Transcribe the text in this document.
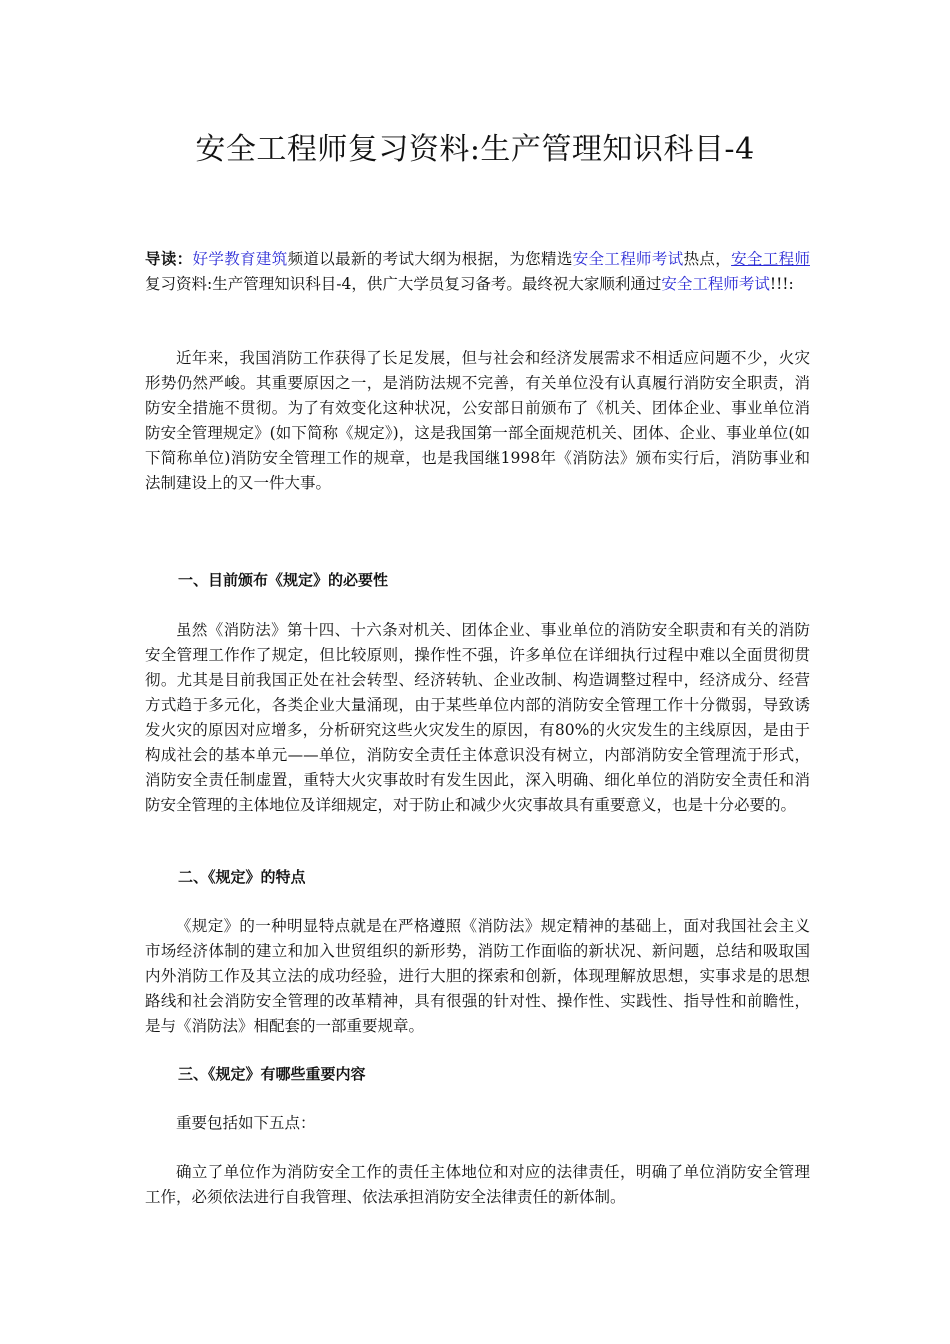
安全工程师复习资料:生产管理知识科目-4

导读：好学教育建筑频道以最新的考试大纲为根据，为您精选安全工程师考试热点，安全工程师复习资料:生产管理知识科目-4，供广大学员复习备考。最终祝大家顺利通过安全工程师考试!!!:

近年来，我国消防工作获得了长足发展，但与社会和经济发展需求不相适应问题不少，火灾形势仍然严峻。其重要原因之一，是消防法规不完善，有关单位没有认真履行消防安全职责，消防安全措施不贯彻。为了有效变化这种状况，公安部日前颁布了《机关、团体企业、事业单位消防安全管理规定》(如下简称《规定》)，这是我国第一部全面规范机关、团体、企业、事业单位(如下简称单位)消防安全管理工作的规章，也是我国继1998年《消防法》颁布实行后，消防事业和法制建设上的又一件大事。

一、目前颁布《规定》的必要性

虽然《消防法》第十四、十六条对机关、团体企业、事业单位的消防安全职责和有关的消防安全管理工作作了规定，但比较原则，操作性不强，许多单位在详细执行过程中难以全面贯彻贯彻。尤其是目前我国正处在社会转型、经济转轨、企业改制、构造调整过程中，经济成分、经营方式趋于多元化，各类企业大量涌现，由于某些单位内部的消防安全管理工作十分微弱，导致诱发火灾的原因对应增多，分析研究这些火灾发生的原因，有80%的火灾发生的主线原因，是由于构成社会的基本单元——单位，消防安全责任主体意识没有树立，内部消防安全管理流于形式，消防安全责任制虚置，重特大火灾事故时有发生因此，深入明确、细化单位的消防安全责任和消防安全管理的主体地位及详细规定，对于防止和减少火灾事故具有重要意义，也是十分必要的。

二、《规定》的特点

《规定》的一种明显特点就是在严格遵照《消防法》规定精神的基础上，面对我国社会主义市场经济体制的建立和加入世贸组织的新形势，消防工作面临的新状况、新问题，总结和吸取国内外消防工作及其立法的成功经验，进行大胆的探索和创新，体现理解放思想，实事求是的思想路线和社会消防安全管理的改革精神，具有很强的针对性、操作性、实践性、指导性和前瞻性，是与《消防法》相配套的一部重要规章。

三、《规定》有哪些重要内容

重要包括如下五点：

确立了单位作为消防安全工作的责任主体地位和对应的法律责任，明确了单位消防安全管理工作，必须依法进行自我管理、依法承担消防安全法律责任的新体制。
